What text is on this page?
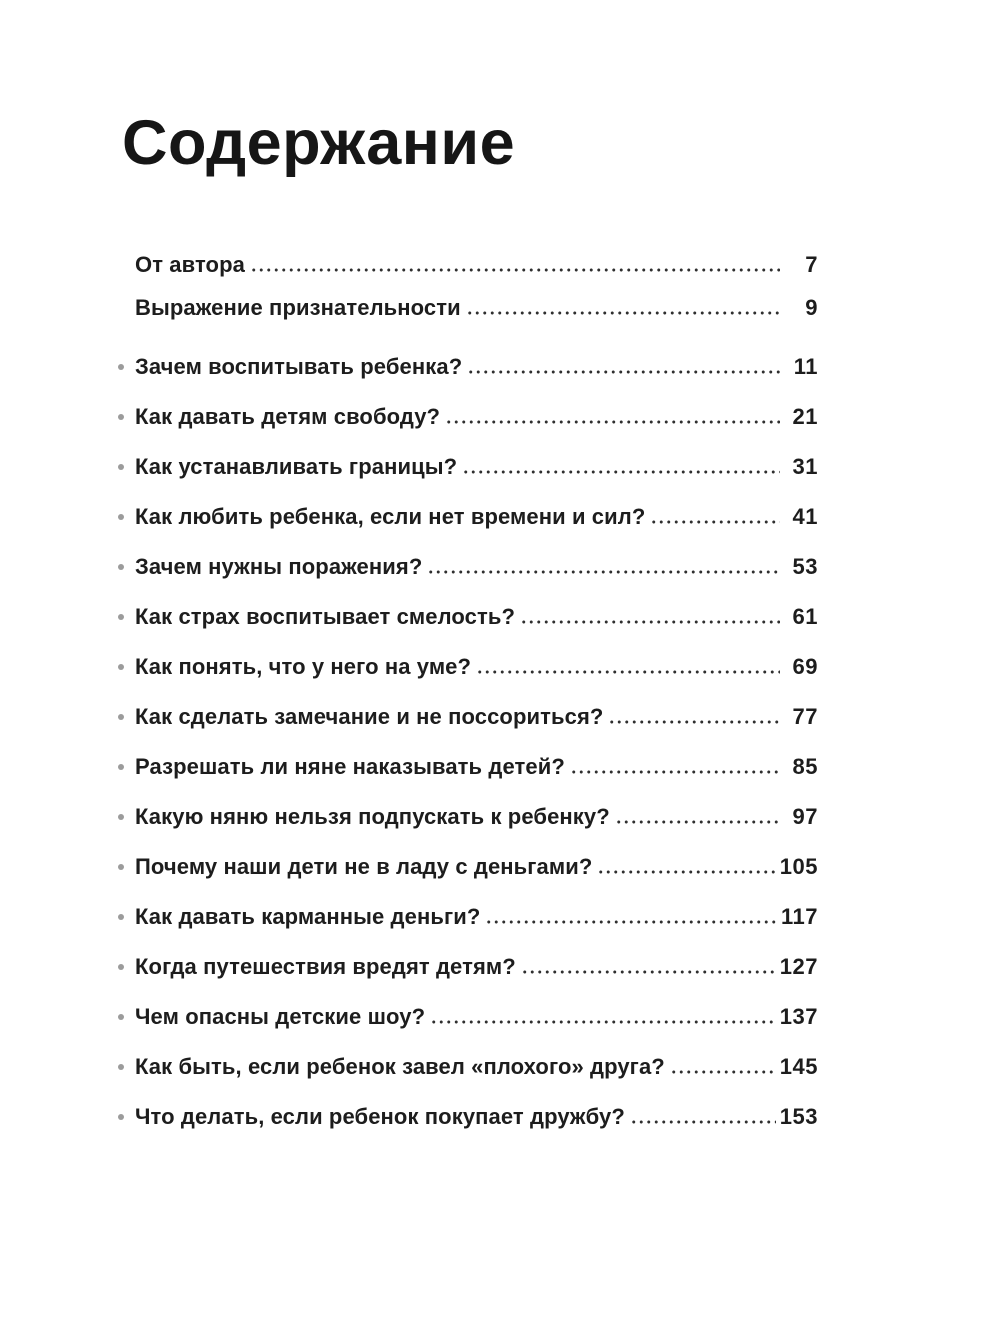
Содержание
От автора	7
Выражение признательности	9
Зачем воспитывать ребенка?	11
Как давать детям свободу?	21
Как устанавливать границы?	31
Как любить ребенка, если нет времени и сил?	41
Зачем нужны поражения?	53
Как страх воспитывает смелость?	61
Как понять, что у него на уме?	69
Как сделать замечание и не поссориться?	77
Разрешать ли няне наказывать детей?	85
Какую няню нельзя подпускать к ребенку?	97
Почему наши дети не в ладу с деньгами?	105
Как давать карманные деньги?	117
Когда путешествия вредят детям?	127
Чем опасны детские шоу?	137
Как быть, если ребенок завел «плохого» друга?	145
Что делать, если ребенок покупает дружбу?	153
